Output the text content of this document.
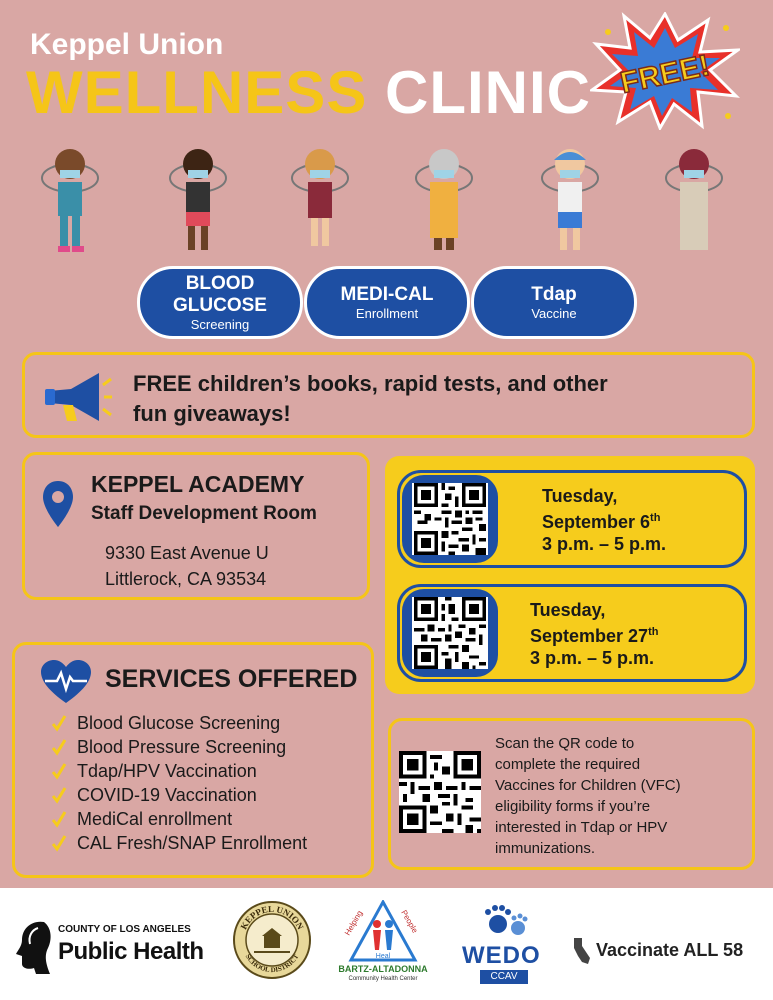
Keppel Union
WELLNESS CLINIC FREE!
BLOOD
GLUCOSE
Screening
MEDI-CAL
Enrollment
Tdap
Vaccine
FREE children’s books, rapid tests, and other
fun giveaways!
KEPPEL ACADEMY
Staff Development Room
9330 East Avenue U
Littlerock, CA 93534
Tuesday,
September 6th
3 p.m. – 5 p.m.
Tuesday,
September 27th
3 p.m. – 5 p.m.
SERVICES OFFERED
Blood Glucose Screening
Blood Pressure Screening
Tdap/HPV Vaccination
COVID-19 Vaccination
MediCal enrollment
CAL Fresh/SNAP Enrollment
Scan the QR code to
complete the required
Vaccines for Children (VFC)
eligibility forms if you’re
interested in Tdap or HPV
immunizations.
COUNTY OF LOS ANGELES
Public Health
KEPPEL UNION
SCHOOL DISTRICT
Helping	People
Heal
BARTZ-ALTADONNA
Community Health Center
WEDO
CCAV
Vaccinate ALL 58
